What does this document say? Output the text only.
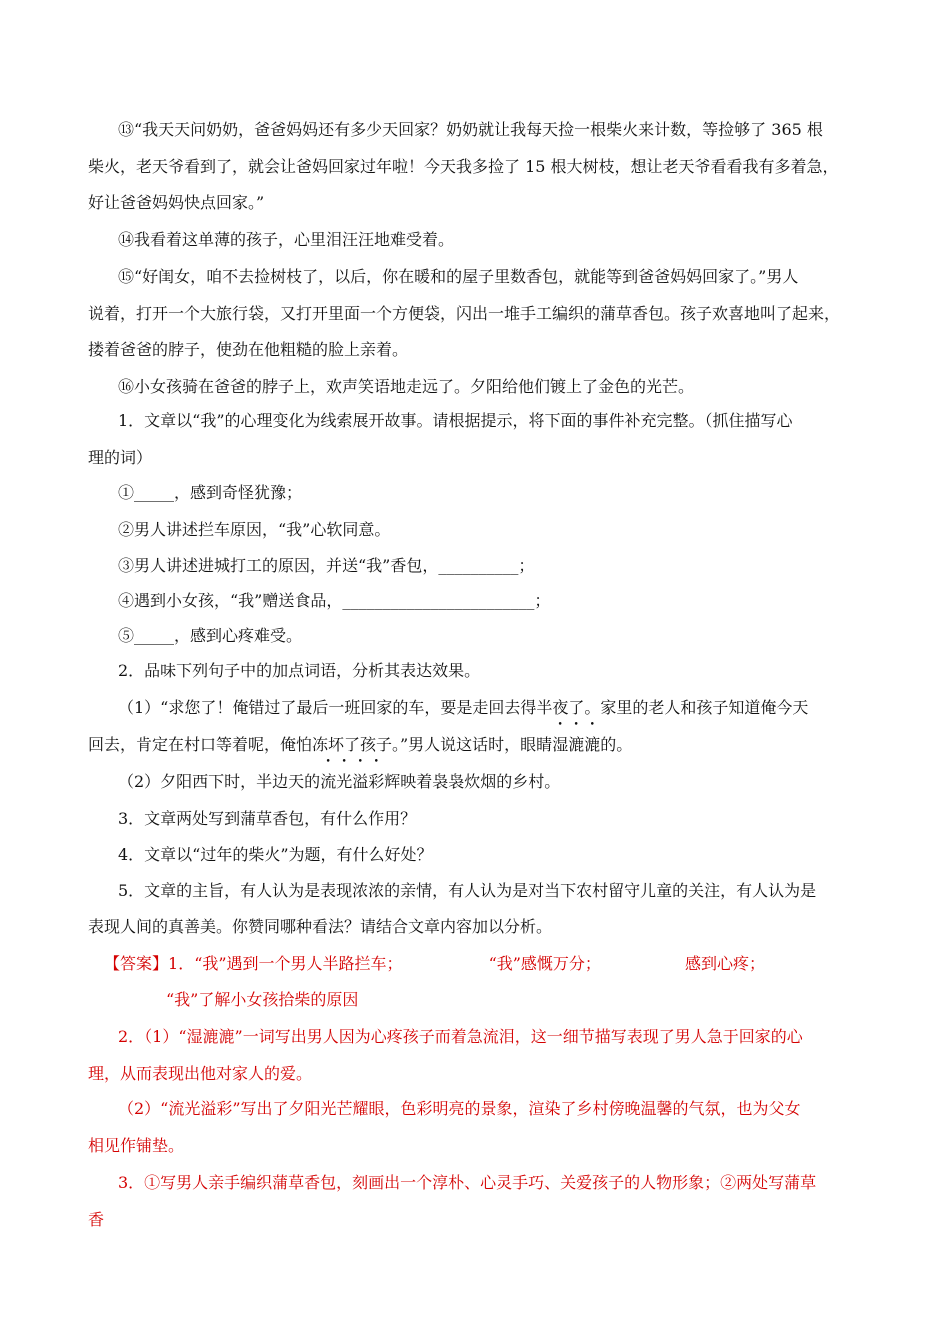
⑬“我天天问奶奶，爸爸妈妈还有多少天回家？奶奶就让我每天捡一根柴火来计数，等捡够了 365 根
柴火，老天爷看到了，就会让爸妈回家过年啦！今天我多捡了 15 根大树枝，想让老天爷看看我有多着急，
好让爸爸妈妈快点回家。”
⑭我看着这单薄的孩子，心里泪汪汪地难受着。
⑮“好闺女，咱不去捡树枝了，以后，你在暖和的屋子里数香包，就能等到爸爸妈妈回家了。”男人
说着，打开一个大旅行袋，又打开里面一个方便袋，闪出一堆手工编织的蒲草香包。孩子欢喜地叫了起来，
搂着爸爸的脖子，使劲在他粗糙的脸上亲着。
⑯小女孩骑在爸爸的脖子上，欢声笑语地走远了。夕阳给他们镀上了金色的光芒。
1．文章以“我”的心理变化为线索展开故事。请根据提示，将下面的事件补充完整。（抓住描写心
理的词）
①_____，感到奇怪犹豫；
②男人讲述拦车原因，“我”心软同意。
③男人讲述进城打工的原因，并送“我”香包，__________；
④遇到小女孩，“我”赠送食品，________________________；
⑤_____，感到心疼难受。
2．品味下列句子中的加点词语，分析其表达效果。
（1）“求您了！俺错过了最后一班回家的车，要是走回去得半夜了。家里的老人和孩子知道俺今天
回去，肯定在村口等着呢，俺怕冻坏了孩子。”男人说这话时，眼睛湿漉漉的。
（2）夕阳西下时，半边天的流光溢彩辉映着袅袅炊烟的乡村。
3．文章两处写到蒲草香包，有什么作用？
4．文章以“过年的柴火”为题，有什么好处？
5．文章的主旨，有人认为是表现浓浓的亲情，有人认为是对当下农村留守儿童的关注，有人认为是
表现人间的真善美。你赞同哪种看法？请结合文章内容加以分析。
【答案】1．“我”遇到一个男人半路拦车；	“我”感慨万分；	感到心疼；
“我”了解小女孩拾柴的原因
2．（1）“湿漉漉”一词写出男人因为心疼孩子而着急流泪，这一细节描写表现了男人急于回家的心
理，从而表现出他对家人的爱。
（2）“流光溢彩”写出了夕阳光芒耀眼，色彩明亮的景象，渲染了乡村傍晚温馨的气氛，也为父女
相见作铺垫。
3．①写男人亲手编织蒲草香包，刻画出一个淳朴、心灵手巧、关爱孩子的人物形象；②两处写蒲草
香
